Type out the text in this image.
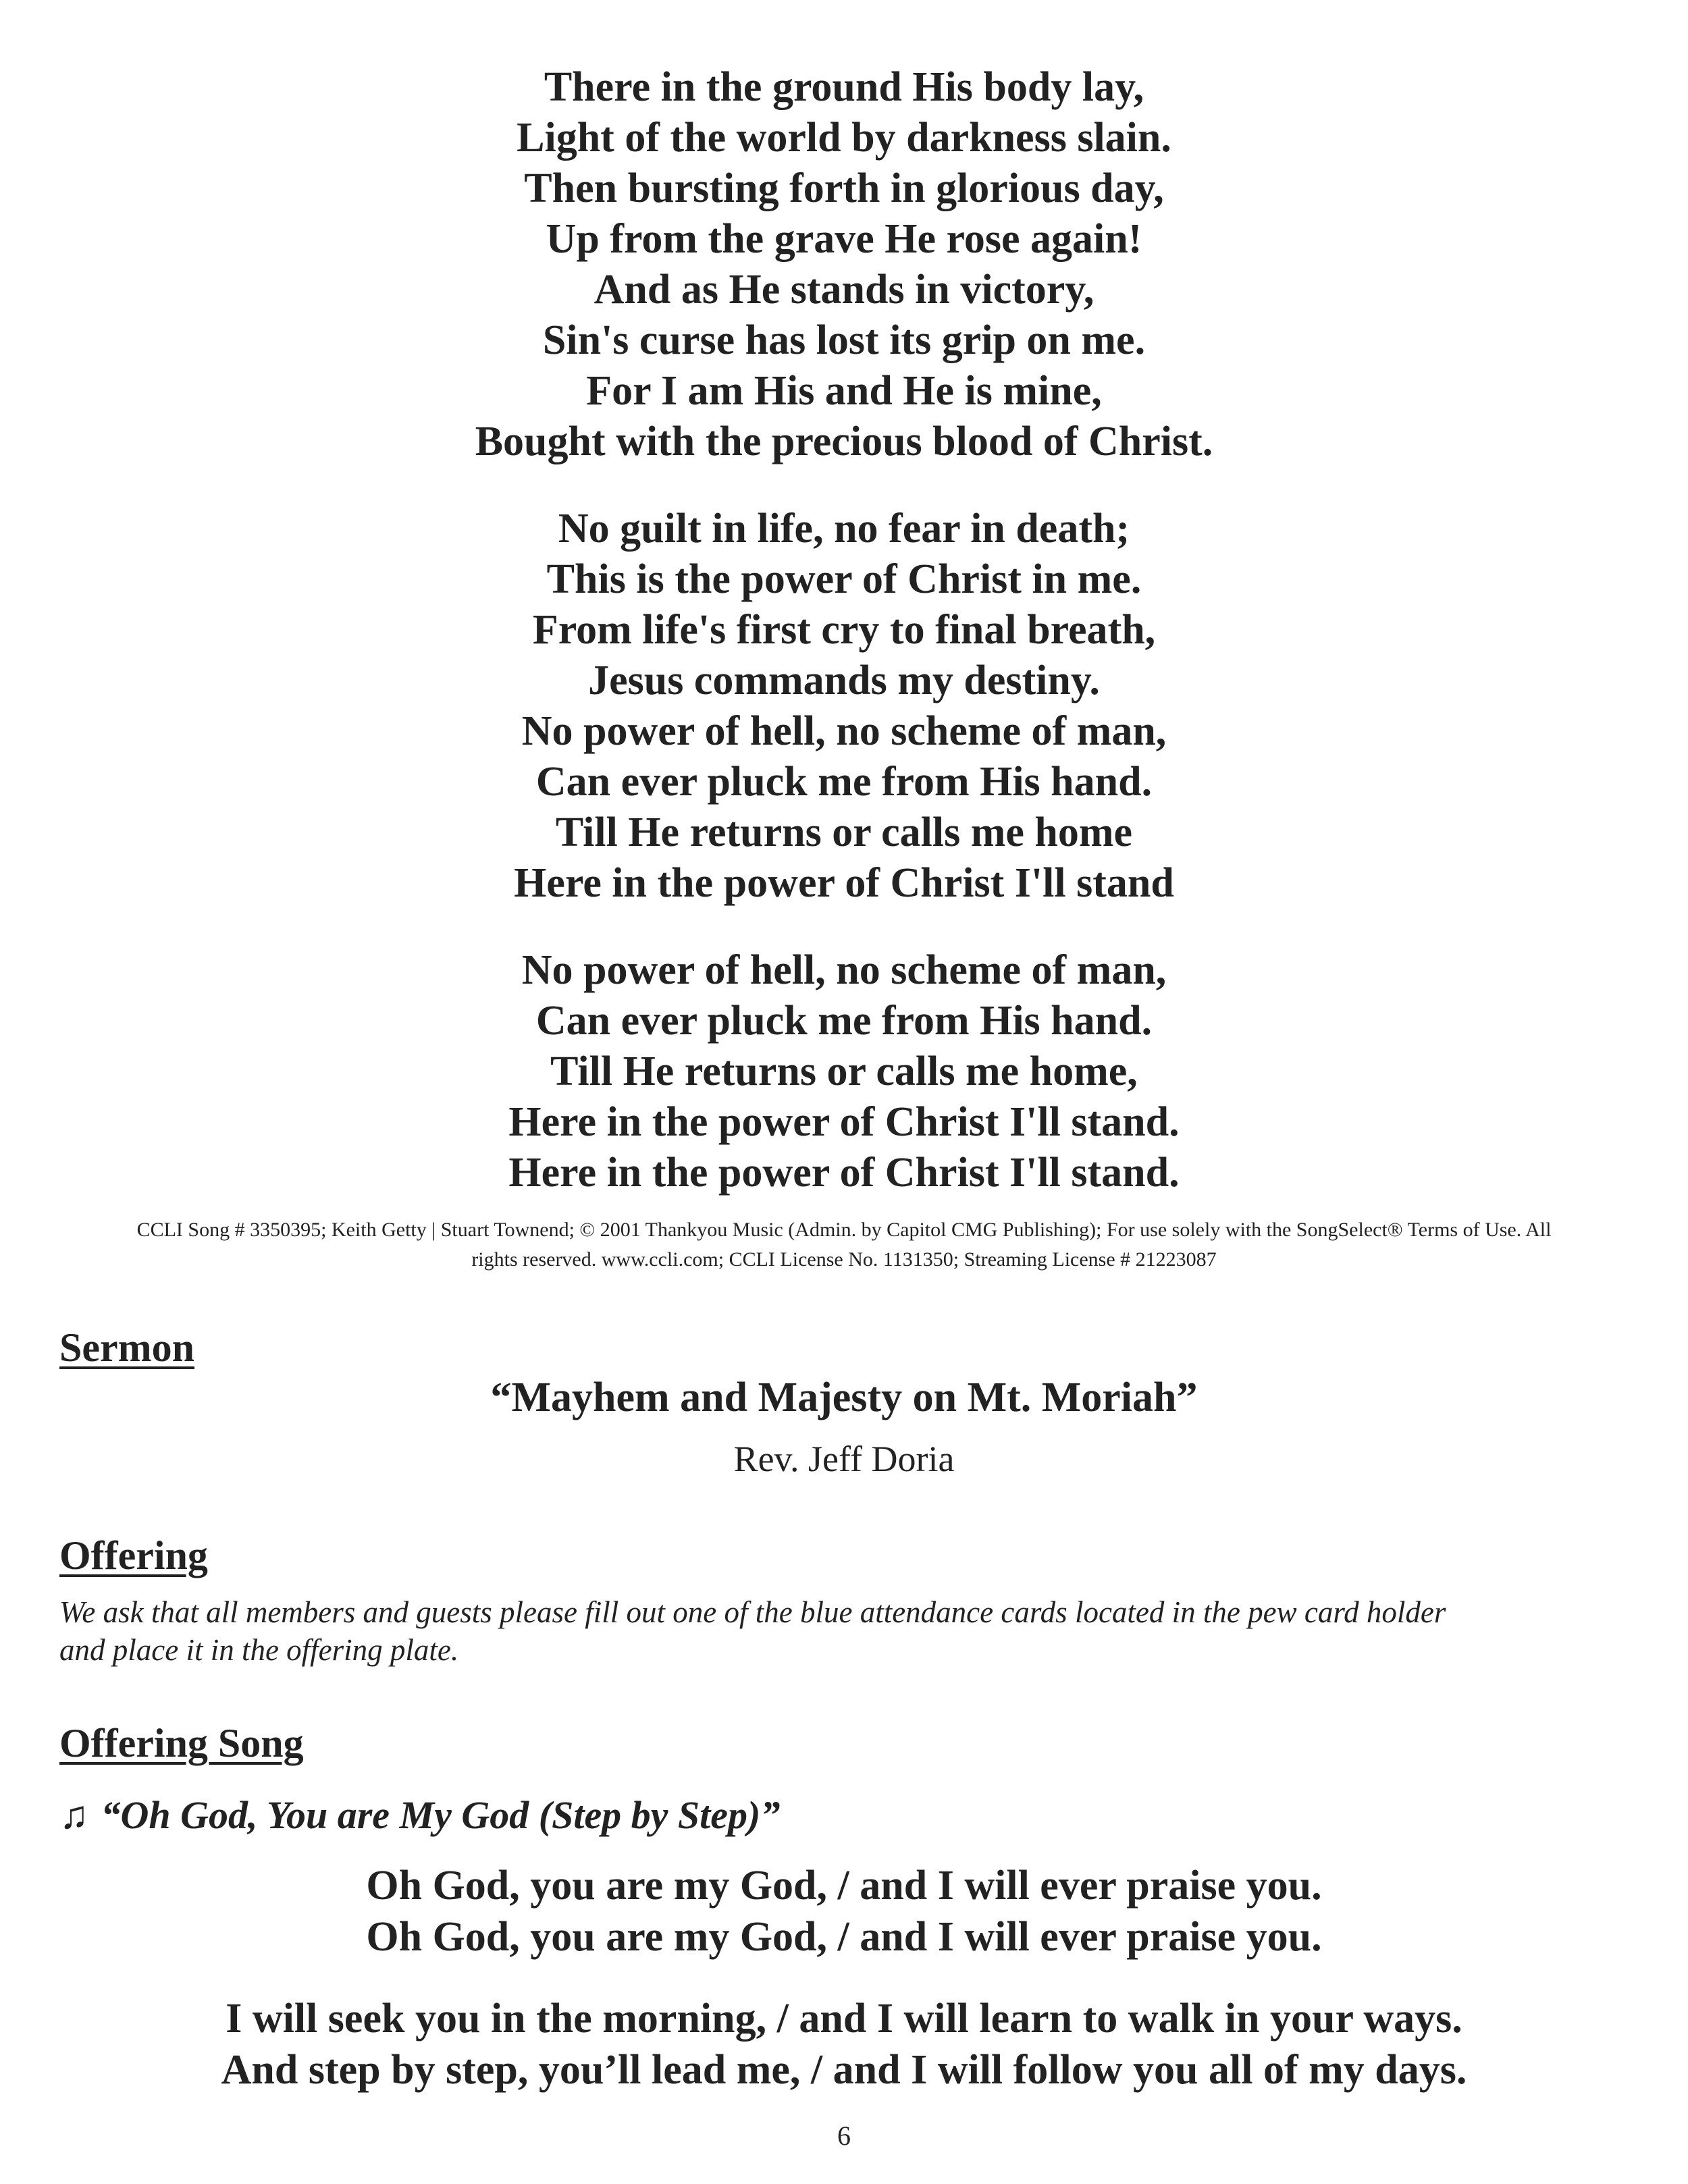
There in the ground His body lay,
Light of the world by darkness slain.
Then bursting forth in glorious day,
Up from the grave He rose again!
And as He stands in victory,
Sin's curse has lost its grip on me.
For I am His and He is mine,
Bought with the precious blood of Christ.
No guilt in life, no fear in death;
This is the power of Christ in me.
From life's first cry to final breath,
Jesus commands my destiny.
No power of hell, no scheme of man,
Can ever pluck me from His hand.
Till He returns or calls me home
Here in the power of Christ I'll stand
No power of hell, no scheme of man,
Can ever pluck me from His hand.
Till He returns or calls me home,
Here in the power of Christ I'll stand.
Here in the power of Christ I'll stand.
CCLI Song # 3350395; Keith Getty | Stuart Townend; © 2001 Thankyou Music (Admin. by Capitol CMG Publishing); For use solely with the SongSelect® Terms of Use. All
rights reserved. www.ccli.com; CCLI License No. 1131350; Streaming License # 21223087
Sermon
“Mayhem and Majesty on Mt. Moriah”
Rev. Jeff Doria
Offering
We ask that all members and guests please fill out one of the blue attendance cards located in the pew card holder
and place it in the offering plate.
Offering Song
♫ “Oh God, You are My God (Step by Step)”
Oh God, you are my God, / and I will ever praise you.
Oh God, you are my God, / and I will ever praise you.
I will seek you in the morning, / and I will learn to walk in your ways.
And step by step, you’ll lead me, / and I will follow you all of my days.
6
